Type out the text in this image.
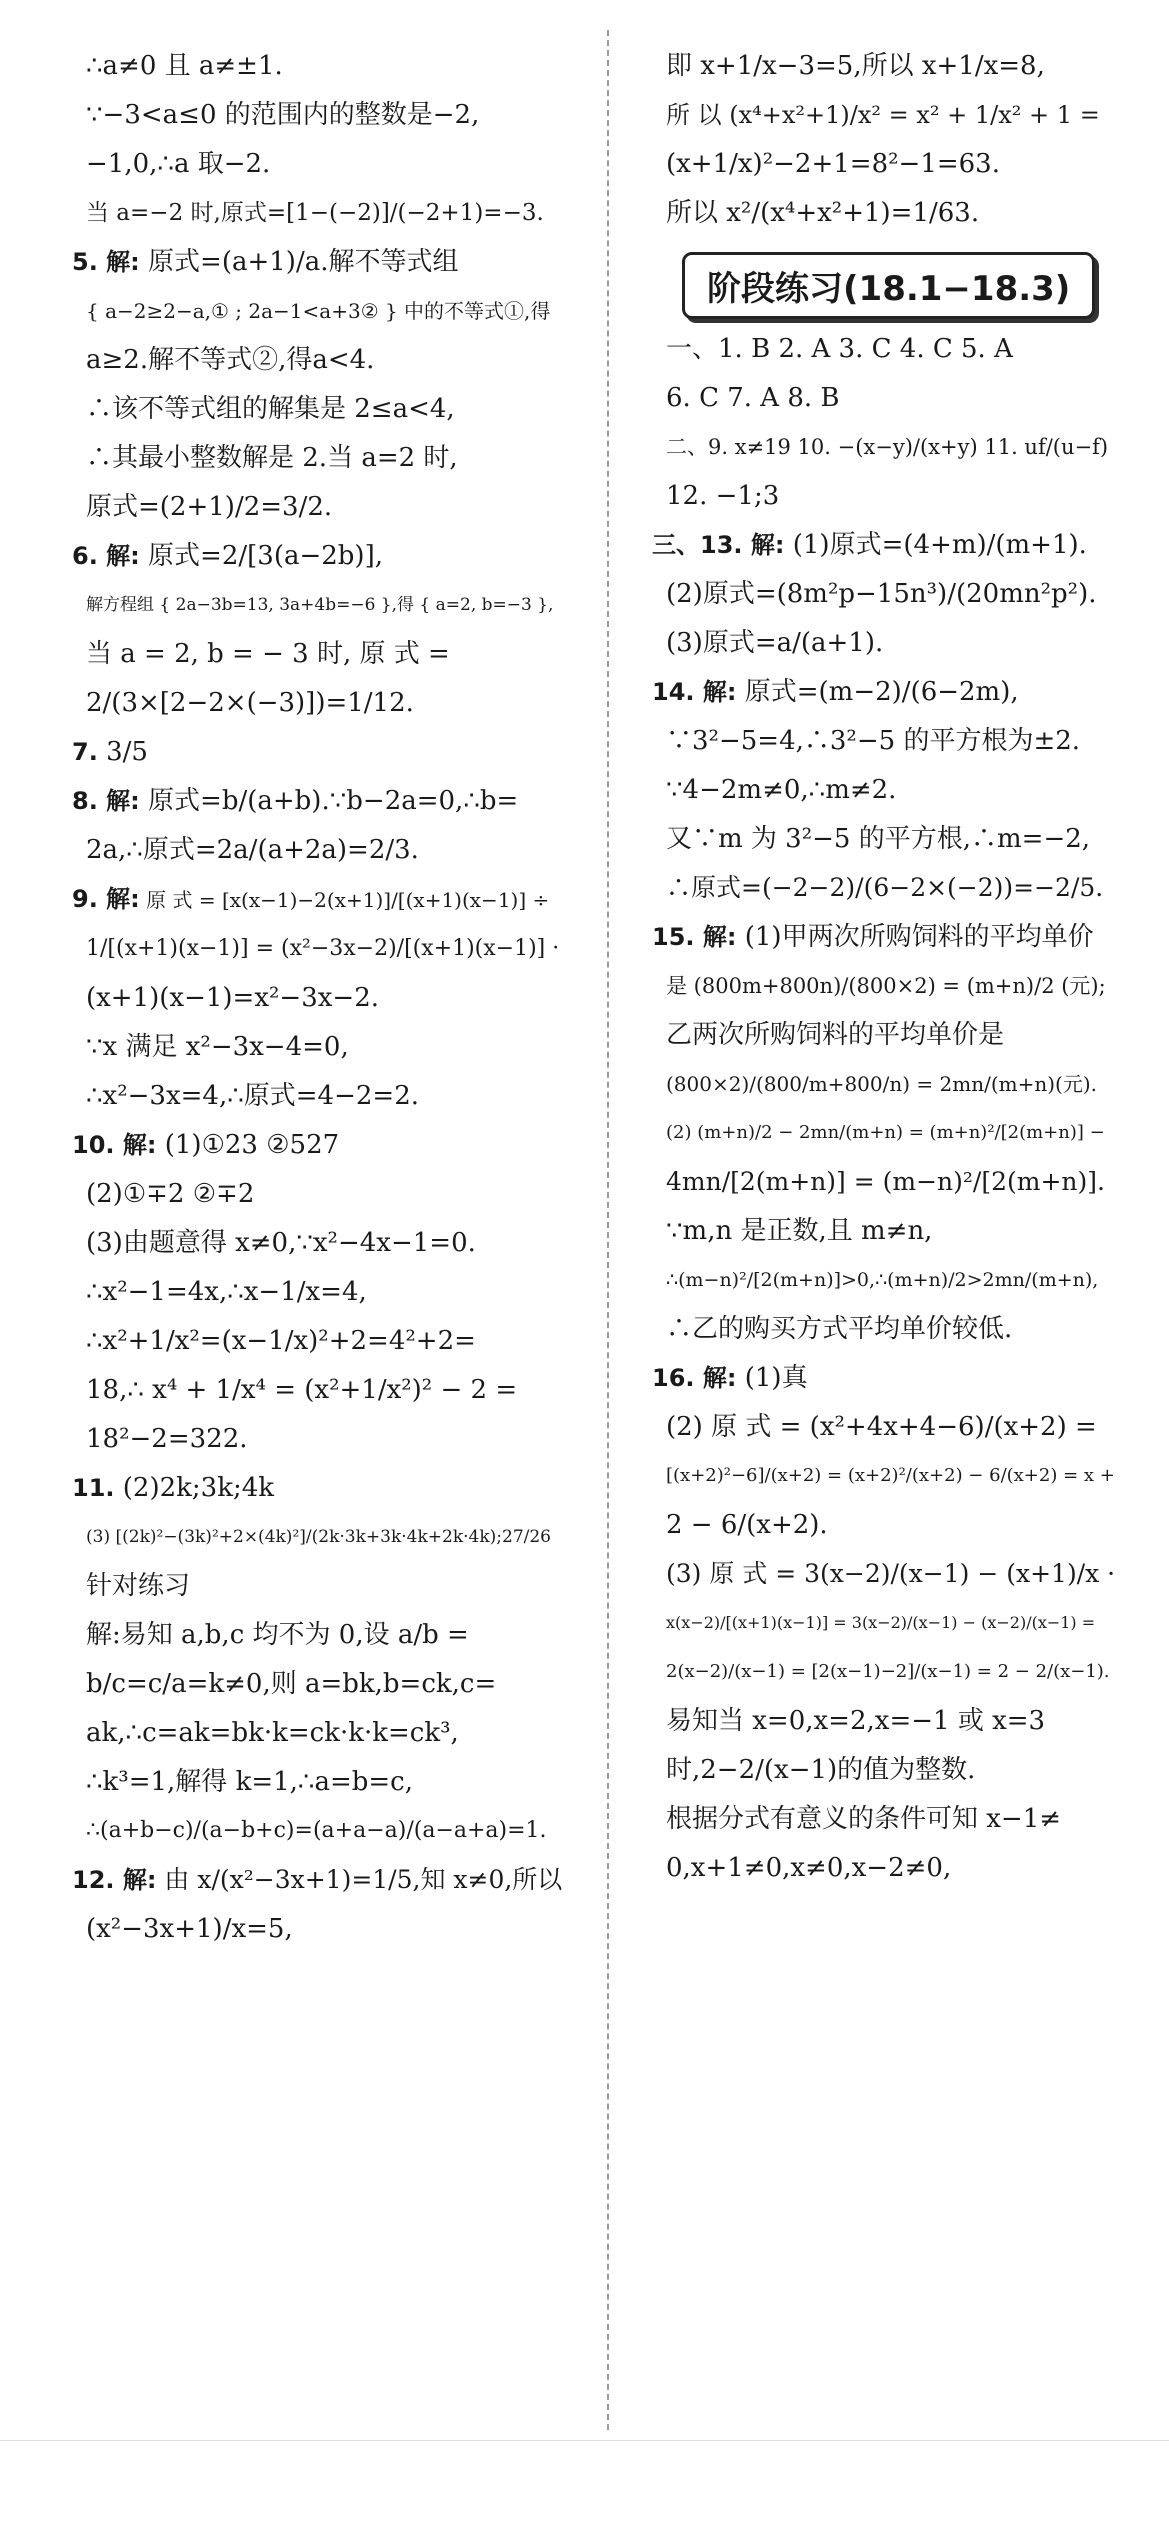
∴a≠0 且 a≠±1.
∵−3<a≤0 的范围内的整数是−2,
−1,0,∴a 取−2.
当 a=−2 时,原式=[1−(−2)]/(−2+1)=−3.
5. 解: 原式=(a+1)/a.解不等式组
{ a−2≥2−a,① ; 2a−1<a+3② } 中的不等式①,得
a≥2.解不等式②,得a<4.
∴该不等式组的解集是 2≤a<4,
∴其最小整数解是 2.当 a=2 时,
原式=(2+1)/2=3/2.
6. 解: 原式=2/[3(a−2b)],
解方程组 { 2a−3b=13, 3a+4b=−6 },得 { a=2, b=−3 },
当 a = 2, b = − 3 时, 原 式 =
2/(3×[2−2×(−3)])=1/12.
7. 3/5
8. 解: 原式=b/(a+b).∵b−2a=0,∴b=
2a,∴原式=2a/(a+2a)=2/3.
9. 解: 原 式 = [x(x−1)−2(x+1)]/[(x+1)(x−1)] ÷
1/[(x+1)(x−1)] = (x²−3x−2)/[(x+1)(x−1)] ·
(x+1)(x−1)=x²−3x−2.
∵x 满足 x²−3x−4=0,
∴x²−3x=4,∴原式=4−2=2.
10. 解: (1)①23 ②527
(2)①∓2 ②∓2
(3)由题意得 x≠0,∵x²−4x−1=0.
∴x²−1=4x,∴x−1/x=4,
∴x²+1/x²=(x−1/x)²+2=4²+2=
18,∴ x⁴ + 1/x⁴ = (x²+1/x²)² − 2 =
18²−2=322.
11. (2)2k;3k;4k
(3) [(2k)²−(3k)²+2×(4k)²]/(2k·3k+3k·4k+2k·4k);27/26
针对练习
解:易知 a,b,c 均不为 0,设 a/b =
b/c=c/a=k≠0,则 a=bk,b=ck,c=
ak,∴c=ak=bk·k=ck·k·k=ck³,
∴k³=1,解得 k=1,∴a=b=c,
∴(a+b−c)/(a−b+c)=(a+a−a)/(a−a+a)=1.
12. 解: 由 x/(x²−3x+1)=1/5,知 x≠0,所以
(x²−3x+1)/x=5,
即 x+1/x−3=5,所以 x+1/x=8,
所 以 (x⁴+x²+1)/x² = x² + 1/x² + 1 =
(x+1/x)²−2+1=8²−1=63.
所以 x²/(x⁴+x²+1)=1/63.
阶段练习(18.1−18.3)
一、1. B 2. A 3. C 4. C 5. A
6. C 7. A 8. B
二、9. x≠19 10. −(x−y)/(x+y) 11. uf/(u−f)
12. −1;3
三、13. 解: (1)原式=(4+m)/(m+1).
(2)原式=(8m²p−15n³)/(20mn²p²).
(3)原式=a/(a+1).
14. 解: 原式=(m−2)/(6−2m),
∵3²−5=4,∴3²−5 的平方根为±2.
∵4−2m≠0,∴m≠2.
又∵m 为 3²−5 的平方根,∴m=−2,
∴原式=(−2−2)/(6−2×(−2))=−2/5.
15. 解: (1)甲两次所购饲料的平均单价
是 (800m+800n)/(800×2) = (m+n)/2 (元);
乙两次所购饲料的平均单价是
(800×2)/(800/m+800/n) = 2mn/(m+n)(元).
(2) (m+n)/2 − 2mn/(m+n) = (m+n)²/[2(m+n)] −
4mn/[2(m+n)] = (m−n)²/[2(m+n)].
∵m,n 是正数,且 m≠n,
∴(m−n)²/[2(m+n)]>0,∴(m+n)/2>2mn/(m+n),
∴乙的购买方式平均单价较低.
16. 解: (1)真
(2) 原 式 = (x²+4x+4−6)/(x+2) =
[(x+2)²−6]/(x+2) = (x+2)²/(x+2) − 6/(x+2) = x +
2 − 6/(x+2).
(3) 原 式 = 3(x−2)/(x−1) − (x+1)/x ·
x(x−2)/[(x+1)(x−1)] = 3(x−2)/(x−1) − (x−2)/(x−1) =
2(x−2)/(x−1) = [2(x−1)−2]/(x−1) = 2 − 2/(x−1).
易知当 x=0,x=2,x=−1 或 x=3
时,2−2/(x−1)的值为整数.
根据分式有意义的条件可知 x−1≠
0,x+1≠0,x≠0,x−2≠0,
